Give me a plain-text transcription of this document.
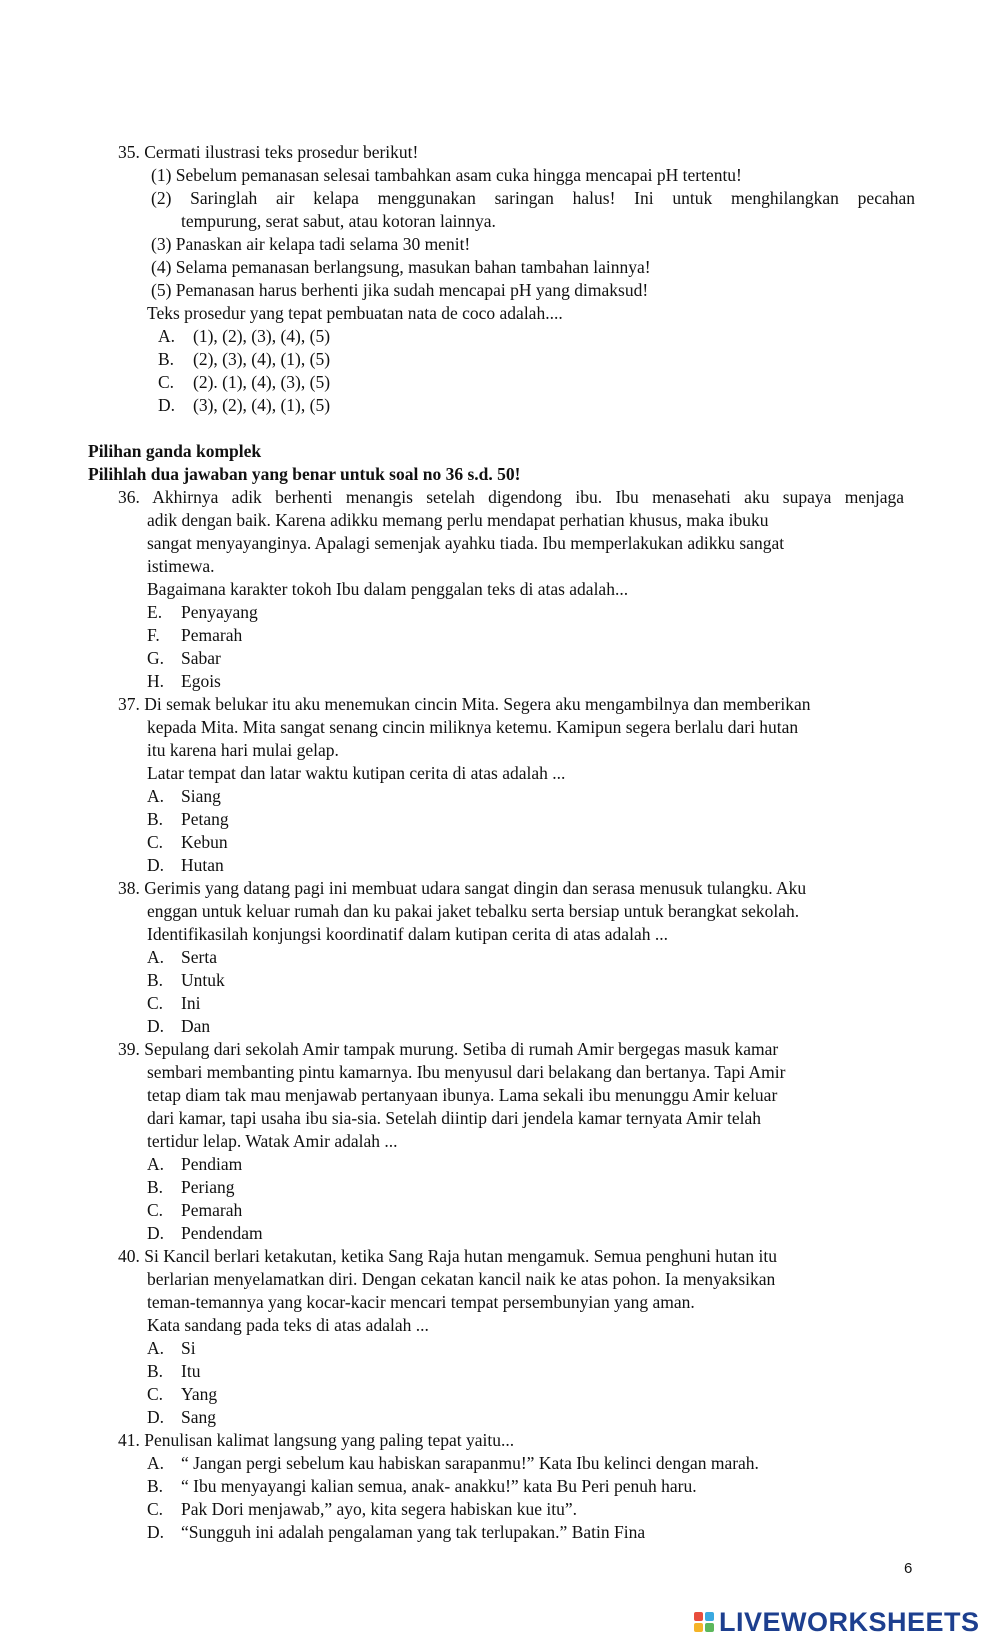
35. Cermati ilustrasi teks prosedur berikut!
(1) Sebelum pemanasan selesai tambahkan asam cuka hingga mencapai pH tertentu!
(2) Saringlah air kelapa menggunakan saringan halus! Ini untuk menghilangkan pecahan
tempurung, serat sabut, atau kotoran lainnya.
(3) Panaskan air kelapa tadi selama 30 menit!
(4) Selama pemanasan berlangsung, masukan bahan tambahan lainnya!
(5) Pemanasan harus berhenti jika sudah mencapai pH yang dimaksud!
Teks prosedur yang tepat pembuatan nata de coco adalah....
A. (1), (2), (3), (4), (5)
B. (2), (3), (4), (1), (5)
C. (2). (1), (4), (3), (5)
D. (3), (2), (4), (1), (5)
Pilihan ganda komplek
Pilihlah dua jawaban yang benar untuk soal no 36 s.d. 50!
36. Akhirnya adik berhenti menangis setelah digendong ibu. Ibu menasehati aku supaya menjaga
adik dengan baik. Karena adikku memang perlu mendapat perhatian khusus, maka ibuku
sangat menyayanginya. Apalagi semenjak ayahku tiada. Ibu memperlakukan adikku sangat
istimewa.
Bagaimana karakter tokoh Ibu dalam penggalan teks di atas adalah...
E. Penyayang
F. Pemarah
G. Sabar
H. Egois
37. Di semak belukar itu aku menemukan cincin Mita. Segera aku mengambilnya dan memberikan
kepada Mita. Mita sangat senang cincin miliknya ketemu. Kamipun segera berlalu dari hutan
itu karena hari mulai gelap.
Latar tempat dan latar waktu kutipan cerita di atas adalah ...
A. Siang
B. Petang
C. Kebun
D. Hutan
38. Gerimis yang datang pagi ini membuat udara sangat dingin dan serasa menusuk tulangku. Aku
enggan untuk keluar rumah dan ku pakai jaket tebalku serta bersiap untuk berangkat sekolah.
Identifikasilah konjungsi koordinatif dalam kutipan cerita di atas adalah ...
A. Serta
B. Untuk
C. Ini
D. Dan
39. Sepulang dari sekolah Amir tampak murung. Setiba di rumah Amir bergegas masuk kamar
sembari membanting pintu kamarnya. Ibu menyusul dari belakang dan bertanya. Tapi Amir
tetap diam tak mau menjawab pertanyaan ibunya. Lama sekali ibu menunggu Amir keluar
dari kamar, tapi usaha ibu sia-sia. Setelah diintip dari jendela kamar ternyata Amir telah
tertidur lelap. Watak Amir adalah ...
A. Pendiam
B. Periang
C. Pemarah
D. Pendendam
40. Si Kancil berlari ketakutan, ketika Sang Raja hutan mengamuk. Semua penghuni hutan itu
berlarian menyelamatkan diri. Dengan cekatan kancil naik ke atas pohon. Ia menyaksikan
teman-temannya yang kocar-kacir mencari tempat persembunyian yang aman.
Kata sandang pada teks di atas adalah ...
A. Si
B. Itu
C. Yang
D. Sang
41. Penulisan kalimat langsung yang paling tepat yaitu...
A. “ Jangan pergi sebelum kau habiskan sarapanmu!” Kata Ibu kelinci dengan marah.
B. “ Ibu menyayangi kalian semua, anak- anakku!” kata Bu Peri penuh haru.
C. Pak Dori menjawab,” ayo, kita segera habiskan kue itu”.
D. “Sungguh ini adalah pengalaman yang tak terlupakan.” Batin Fina
6
LIVEWORKSHEETS
